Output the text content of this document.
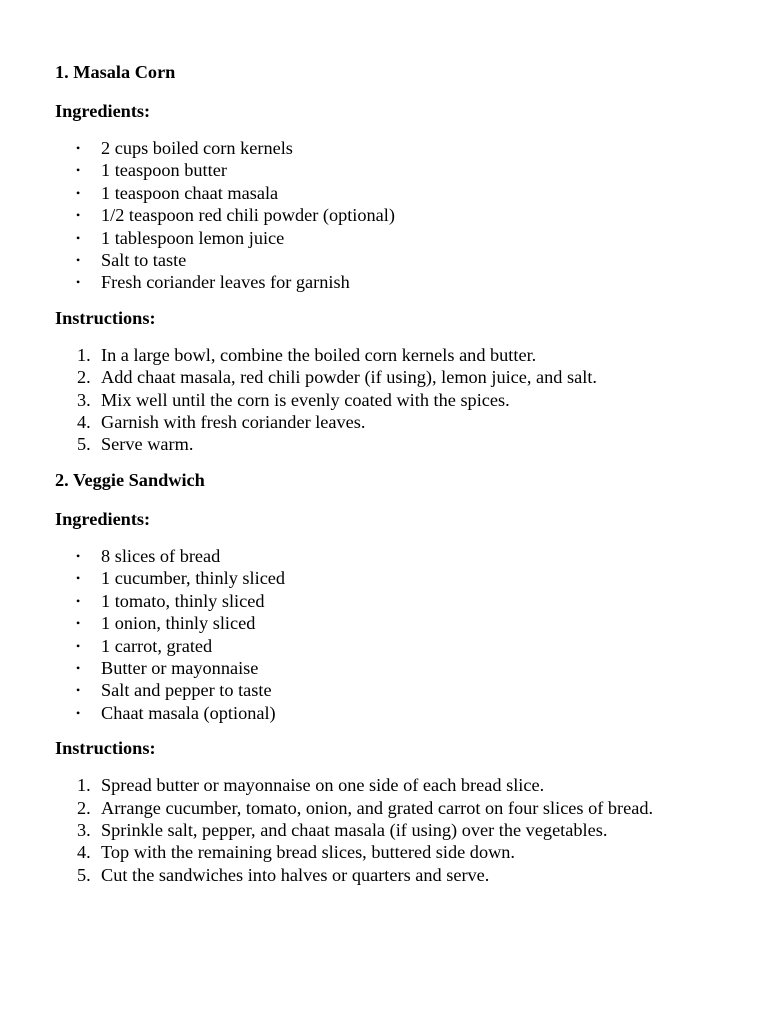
1. Masala Corn
Ingredients:
• 2 cups boiled corn kernels
• 1 teaspoon butter
• 1 teaspoon chaat masala
• 1/2 teaspoon red chili powder (optional)
• 1 tablespoon lemon juice
• Salt to taste
• Fresh coriander leaves for garnish
Instructions:
1. In a large bowl, combine the boiled corn kernels and butter.
2. Add chaat masala, red chili powder (if using), lemon juice, and salt.
3. Mix well until the corn is evenly coated with the spices.
4. Garnish with fresh coriander leaves.
5. Serve warm.
2. Veggie Sandwich
Ingredients:
• 8 slices of bread
• 1 cucumber, thinly sliced
• 1 tomato, thinly sliced
• 1 onion, thinly sliced
• 1 carrot, grated
• Butter or mayonnaise
• Salt and pepper to taste
• Chaat masala (optional)
Instructions:
1. Spread butter or mayonnaise on one side of each bread slice.
2. Arrange cucumber, tomato, onion, and grated carrot on four slices of bread.
3. Sprinkle salt, pepper, and chaat masala (if using) over the vegetables.
4. Top with the remaining bread slices, buttered side down.
5. Cut the sandwiches into halves or quarters and serve.
